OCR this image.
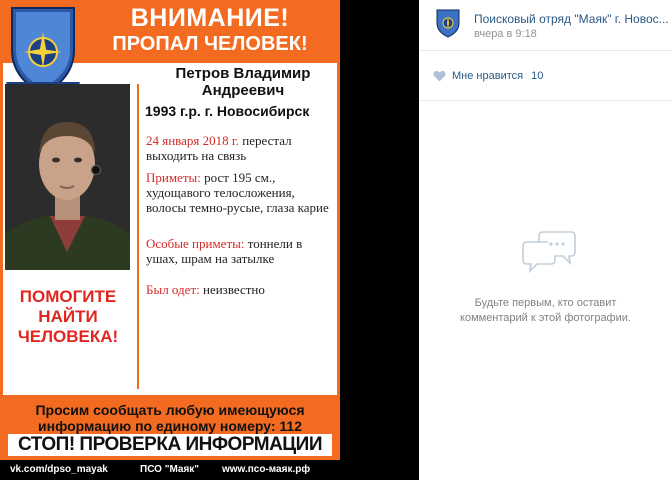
ВНИМАНИЕ!
ПРОПАЛ ЧЕЛОВЕК!
Петров Владимир
Андреевич
1993 г.р. г. Новосибирск
24 января 2018 г. перестал выходить на связь
Приметы: рост 195 см., худощавого телосложения, волосы темно-русые, глаза карие
Особые приметы: тоннели в ушах, шрам на затылке
Был одет: неизвестно
ПОМОГИТЕ
НАЙТИ
ЧЕЛОВЕКА!
Просим сообщать любую имеющуюся
информацию по единому номеру: 112
СТОП! ПРОВЕРКА ИНФОРМАЦИИ
vk.com/dpso_mayak	ПСО "Маяк" www.псо-маяк.рф
Поисковый отряд "Маяк" г. Новос...
вчера в 9:18
Мне нравится 10
Будьте первым, кто оставит
комментарий к этой фотографии.
